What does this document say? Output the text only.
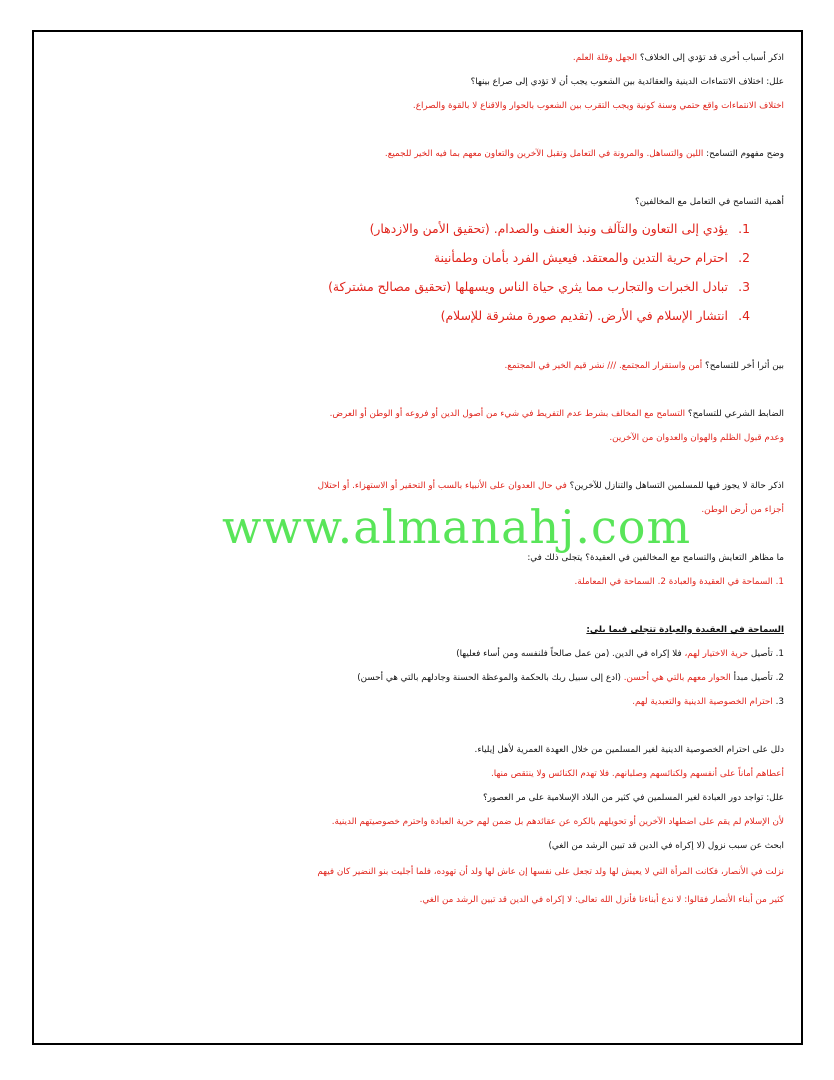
اذكر أسباب أخرى قد تؤدي إلى الخلاف؟ الجهل وقلة العلم.

علل: اختلاف الانتماءات الدينية والعقائدية بين الشعوب يجب أن لا تؤدي إلى صراع بينها؟

اختلاف الانتماءات واقع حتمي وسنة كونية ويجب التقرب بين الشعوب بالحوار والاقناع لا بالقوة والصراع.

وضح مفهوم التسامح: اللين والتساهل. والمرونة في التعامل وتقبل الآخرين والتعاون معهم بما فيه الخير للجميع.

أهمية التسامح في التعامل مع المخالفين؟

1.يؤدي إلى التعاون والتآلف ونبذ العنف والصدام. (تحقيق الأمن والازدهار)
2.احترام حرية التدين والمعتقد. فيعيش الفرد بأمان وطمأنينة
3.تبادل الخبرات والتجارب مما يثري حياة الناس ويسهلها (تحقيق مصالح مشتركة)
4.انتشار الإسلام في الأرض. (تقديم صورة مشرقة للإسلام)

بين أثرا أخر للتسامح؟ أمن واستقرار المجتمع. /// نشر قيم الخير في المجتمع.

الضابط الشرعي للتسامح؟ التسامح مع المخالف بشرط عدم التفريط في شيء من أصول الدين أو فروعه أو الوطن أو العرض.

وعدم قبول الظلم والهوان والعدوان من الآخرين.

اذكر حالة لا يجوز فيها للمسلمين التساهل والتنازل للآخرين؟ في حال العدوان على الأنبياء بالسب أو التحقير أو الاستهزاء. أو احتلال

أجزاء من أرض الوطن.

ما مظاهر التعايش والتسامح مع المخالفين في العقيدة؟ يتجلى ذلك في:

1. السماحة في العقيدة والعبادة 2. السماحة في المعاملة.

السماحة في العقيدة والعبادة تتجلى فيما يلي:

1. تأصيل حرية الاختيار لهم، فلا إكراه في الدين. (من عمل صالحاً فلنفسه ومن أساء فعليها)

2. تأصيل مبدأ الحوار معهم بالتي هي أحسن. (ادع إلى سبيل ربك بالحكمة والموعظة الحسنة وجادلهم بالتي هي أحسن)

3. احترام الخصوصية الدينية والتعبدية لهم.

دلل على احترام الخصوصية الدينية لغير المسلمين من خلال العهدة العمرية لأهل إيلياء.

أعطاهم أماناً على أنفسهم ولكنائسهم وصلبانهم. فلا تهدم الكنائس ولا ينتقص منها.

علل: تواجد دور العبادة لغير المسلمين في كثير من البلاد الإسلامية على مر العصور؟

لأن الإسلام لم يقم على اضطهاد الآخرين أو تحويلهم بالكره عن عقائدهم بل ضمن لهم حرية العبادة واحترم خصوصيتهم الدينية.

ابحث عن سبب نزول (لا إكراه في الدين قد تبين الرشد من الغي)

نزلت في الأنصار، فكانت المرأة التي لا يعيش لها ولد تجعل على نفسها إن عاش لها ولد أن تهوده، فلما أجليت بنو النضير كان فيهم

كثير من أبناء الأنصار فقالوا: لا ندع أبناءنا فأنزل الله تعالى: لا إكراه في الدين قد تبين الرشد من الغي.

www.almanahj.com
